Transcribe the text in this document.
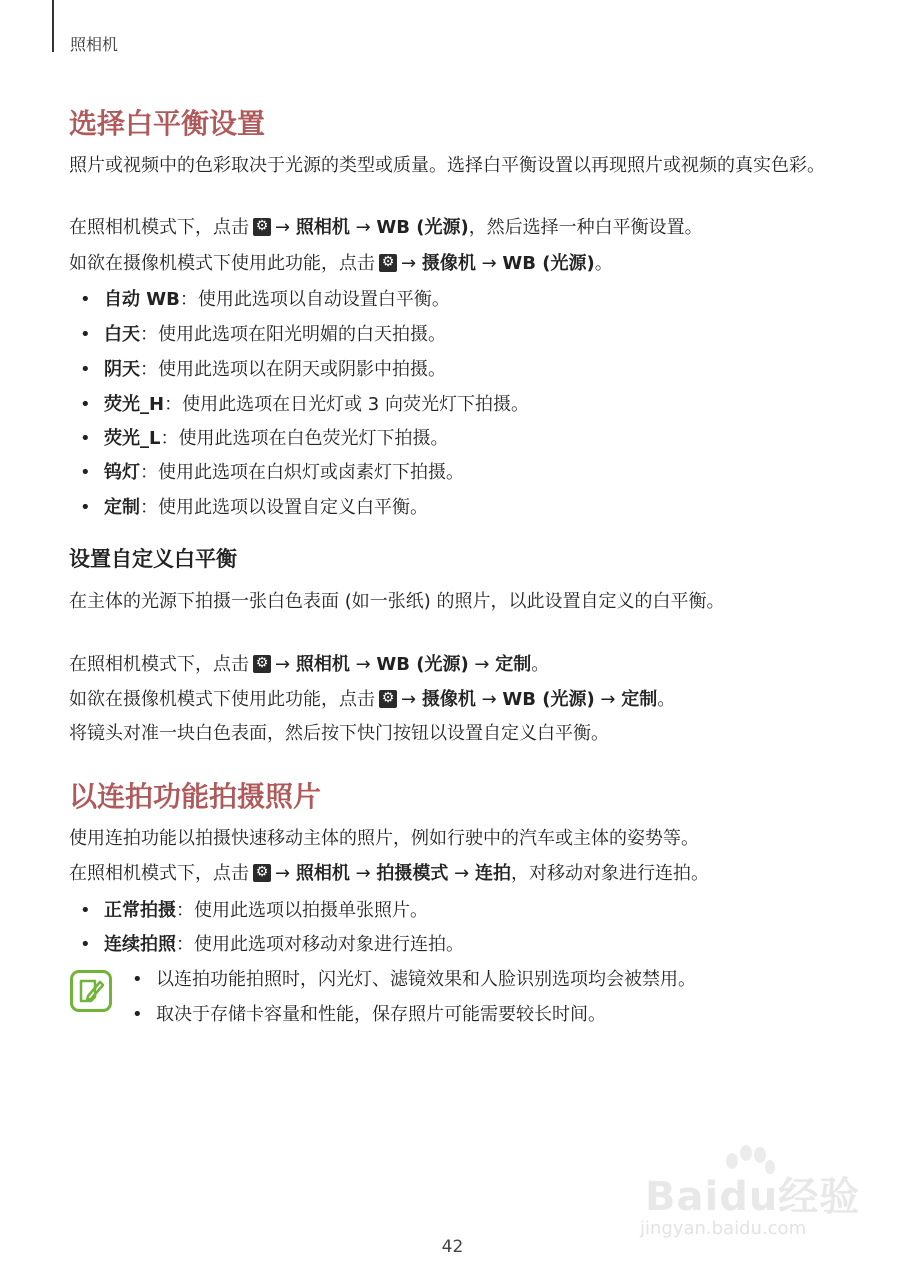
照相机
选择白平衡设置
照片或视频中的色彩取决于光源的类型或质量。选择白平衡设置以再现照片或视频的真实色彩。
在照相机模式下，点击 ⚙ → 照相机 → WB (光源)，然后选择一种白平衡设置。
如欲在摄像机模式下使用此功能，点击 ⚙ → 摄像机 → WB (光源)。
• 自动 WB：使用此选项以自动设置白平衡。
• 白天：使用此选项在阳光明媚的白天拍摄。
• 阴天：使用此选项以在阴天或阴影中拍摄。
• 荧光_H：使用此选项在日光灯或 3 向荧光灯下拍摄。
• 荧光_L：使用此选项在白色荧光灯下拍摄。
• 钨灯：使用此选项在白炽灯或卤素灯下拍摄。
• 定制：使用此选项以设置自定义白平衡。
设置自定义白平衡
在主体的光源下拍摄一张白色表面 (如一张纸) 的照片，以此设置自定义的白平衡。
在照相机模式下，点击 ⚙ → 照相机 → WB (光源) → 定制。
如欲在摄像机模式下使用此功能，点击 ⚙ → 摄像机 → WB (光源) → 定制。
将镜头对准一块白色表面，然后按下快门按钮以设置自定义白平衡。
以连拍功能拍摄照片
使用连拍功能以拍摄快速移动主体的照片，例如行驶中的汽车或主体的姿势等。
在照相机模式下，点击 ⚙ → 照相机 → 拍摄模式 → 连拍，对移动对象进行连拍。
• 正常拍摄：使用此选项以拍摄单张照片。
• 连续拍照：使用此选项对移动对象进行连拍。
• 以连拍功能拍照时，闪光灯、滤镜效果和人脸识别选项均会被禁用。
• 取决于存储卡容量和性能，保存照片可能需要较长时间。
Baidu经验
jingyan.baidu.com
42
